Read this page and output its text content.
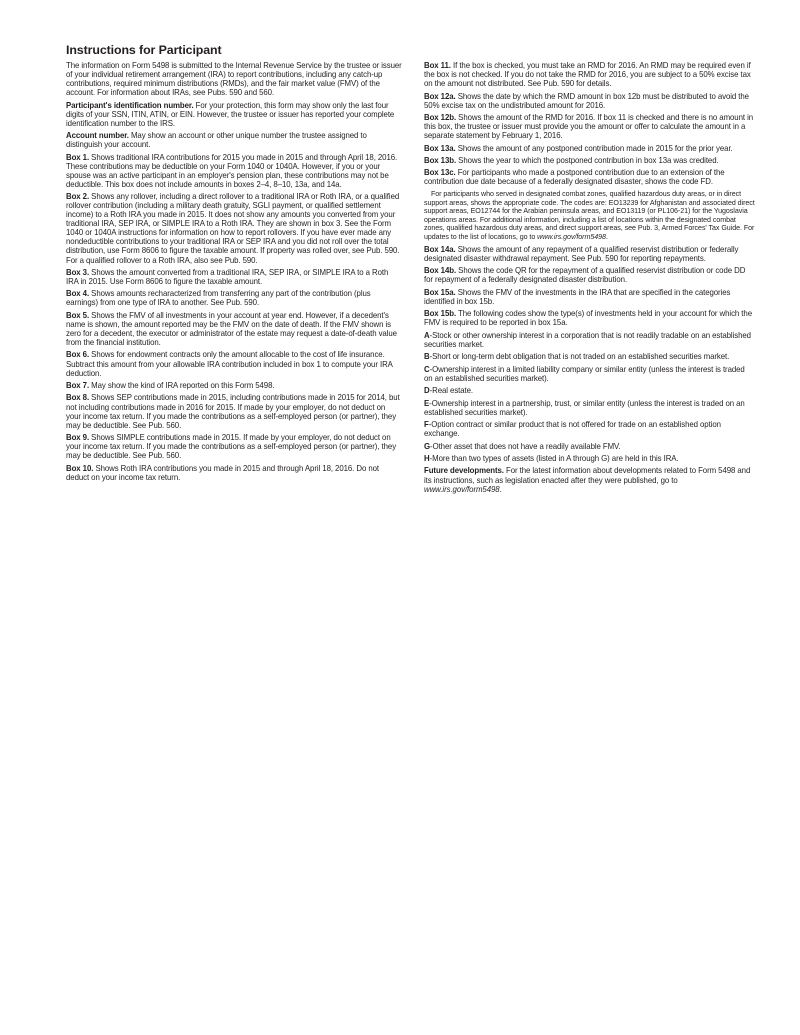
Instructions for Participant

The information on Form 5498 is submitted to the Internal Revenue Service by the trustee or issuer of your individual retirement arrangement (IRA) to report contributions, including any catch-up contributions, required minimum distributions (RMDs), and the fair market value (FMV) of the account. For information about IRAs, see Pubs. 590 and 560.

Participant's identification number. For your protection, this form may show only the last four digits of your SSN, ITIN, ATIN, or EIN. However, the trustee or issuer has reported your complete identification number to the IRS.

Account number. May show an account or other unique number the trustee assigned to distinguish your account.

Box 1. Shows traditional IRA contributions for 2015 you made in 2015 and through April 18, 2016. These contributions may be deductible on your Form 1040 or 1040A. However, if you or your spouse was an active participant in an employer's pension plan, these contributions may not be deductible. This box does not include amounts in boxes 2–4, 8–10, 13a, and 14a.

Box 2. Shows any rollover, including a direct rollover to a traditional IRA or Roth IRA, or a qualified rollover contribution (including a military death gratuity, SGLI payment, or qualified settlement income) to a Roth IRA you made in 2015. It does not show any amounts you converted from your traditional IRA, SEP IRA, or SIMPLE IRA to a Roth IRA. They are shown in box 3. See the Form 1040 or 1040A instructions for information on how to report rollovers. If you have ever made any nondeductible contributions to your traditional IRA or SEP IRA and you did not roll over the total distribution, use Form 8606 to figure the taxable amount. If property was rolled over, see Pub. 590. For a qualified rollover to a Roth IRA, also see Pub. 590.

Box 3. Shows the amount converted from a traditional IRA, SEP IRA, or SIMPLE IRA to a Roth IRA in 2015. Use Form 8606 to figure the taxable amount.

Box 4. Shows amounts recharacterized from transferring any part of the contribution (plus earnings) from one type of IRA to another. See Pub. 590.

Box 5. Shows the FMV of all investments in your account at year end. However, if a decedent's name is shown, the amount reported may be the FMV on the date of death. If the FMV shown is zero for a decedent, the executor or administrator of the estate may request a date-of-death value from the financial institution.

Box 6. Shows for endowment contracts only the amount allocable to the cost of life insurance. Subtract this amount from your allowable IRA contribution included in box 1 to compute your IRA deduction.

Box 7. May show the kind of IRA reported on this Form 5498.

Box 8. Shows SEP contributions made in 2015, including contributions made in 2015 for 2014, but not including contributions made in 2016 for 2015. If made by your employer, do not deduct on your income tax return. If you made the contributions as a self-employed person (or partner), they may be deductible. See Pub. 560.

Box 9. Shows SIMPLE contributions made in 2015. If made by your employer, do not deduct on your income tax return. If you made the contributions as a self-employed person (or partner), they may be deductible. See Pub. 560.

Box 10. Shows Roth IRA contributions you made in 2015 and through April 18, 2016. Do not deduct on your income tax return.

Box 11. If the box is checked, you must take an RMD for 2016. An RMD may be required even if the box is not checked. If you do not take the RMD for 2016, you are subject to a 50% excise tax on the amount not distributed. See Pub. 590 for details.

Box 12a. Shows the date by which the RMD amount in box 12b must be distributed to avoid the 50% excise tax on the undistributed amount for 2016.

Box 12b. Shows the amount of the RMD for 2016. If box 11 is checked and there is no amount in this box, the trustee or issuer must provide you the amount or offer to calculate the amount in a separate statement by February 1, 2016.

Box 13a. Shows the amount of any postponed contribution made in 2015 for the prior year.

Box 13b. Shows the year to which the postponed contribution in box 13a was credited.

Box 13c. For participants who made a postponed contribution due to an extension of the contribution due date because of a federally designated disaster, shows the code FD.

For participants who served in designated combat zones, qualified hazardous duty areas, or in direct support areas, shows the appropriate code. The codes are: EO13239 for Afghanistan and associated direct support areas, EO12744 for the Arabian peninsula areas, and EO13119 (or PL106-21) for the Yugoslavia operations areas. For additional information, including a list of locations within the designated combat zones, qualified hazardous duty areas, and direct support areas, see Pub. 3, Armed Forces' Tax Guide. For updates to the list of locations, go to www.irs.gov/form5498.

Box 14a. Shows the amount of any repayment of a qualified reservist distribution or federally designated disaster withdrawal repayment. See Pub. 590 for reporting repayments.

Box 14b. Shows the code QR for the repayment of a qualified reservist distribution or code DD for repayment of a federally designated disaster distribution.

Box 15a. Shows the FMV of the investments in the IRA that are specified in the categories identified in box 15b.

Box 15b. The following codes show the type(s) of investments held in your account for which the FMV is required to be reported in box 15a.

A-Stock or other ownership interest in a corporation that is not readily tradable on an established securities market.

B-Short or long-term debt obligation that is not traded on an established securities market.

C-Ownership interest in a limited liability company or similar entity (unless the interest is traded on an established securities market).

D-Real estate.

E-Ownership interest in a partnership, trust, or similar entity (unless the interest is traded on an established securities market).

F-Option contract or similar product that is not offered for trade on an established option exchange.

G-Other asset that does not have a readily available FMV.

H-More than two types of assets (listed in A through G) are held in this IRA.

Future developments. For the latest information about developments related to Form 5498 and its instructions, such as legislation enacted after they were published, go to www.irs.gov/form5498.
